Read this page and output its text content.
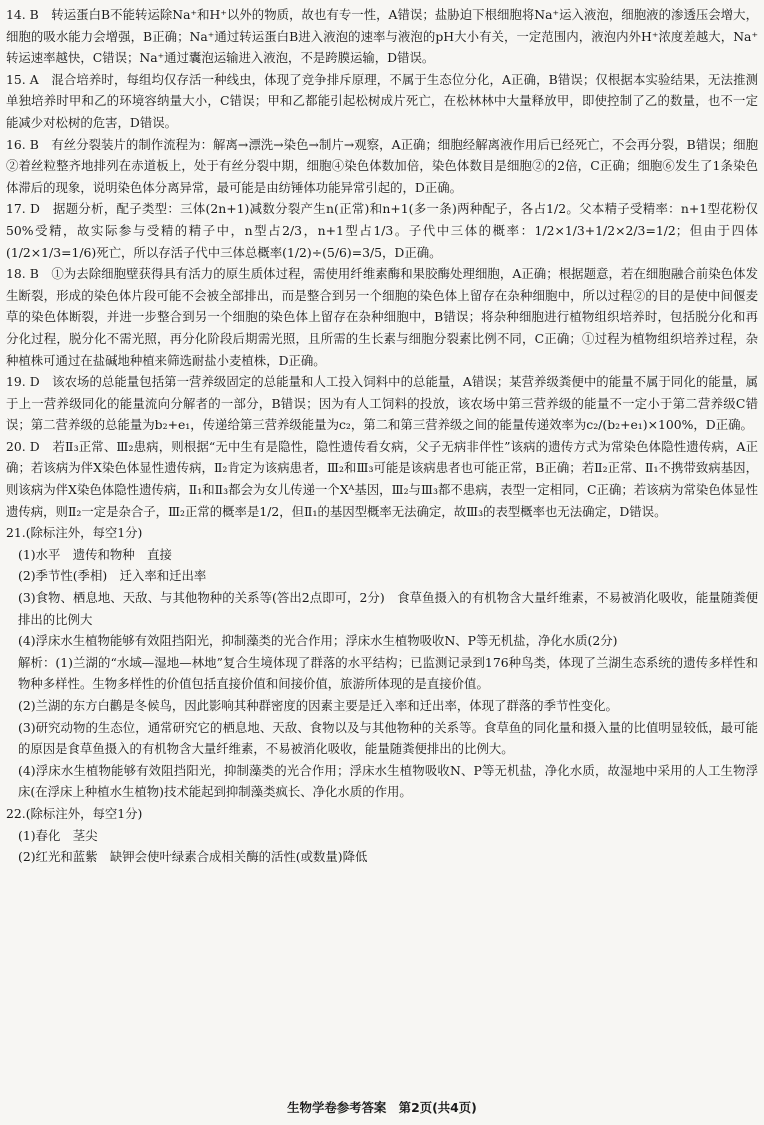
14. B　转运蛋白B不能转运除Na⁺和H⁺以外的物质，故也有专一性，A错误；盐胁迫下根细胞将Na⁺运入液泡，细胞液的渗透压会增大，细胞的吸水能力会增强，B正确；Na⁺通过转运蛋白B进入液泡的速率与液泡的pH大小有关，一定范围内，液泡内外H⁺浓度差越大，Na⁺转运速率越快，C错误；Na⁺通过囊泡运输进入液泡，不是跨膜运输，D错误。

15. A　混合培养时，每组均仅存活一种线虫，体现了竞争排斥原理，不属于生态位分化，A正确，B错误；仅根据本实验结果，无法推测单独培养时甲和乙的环境容纳量大小，C错误；甲和乙都能引起松树成片死亡，在松林林中大量释放甲，即使控制了乙的数量，也不一定能减少对松树的危害，D错误。

16. B　有丝分裂装片的制作流程为：解离→漂洗→染色→制片→观察，A正确；细胞经解离液作用后已经死亡，不会再分裂，B错误；细胞②着丝粒整齐地排列在赤道板上，处于有丝分裂中期，细胞④染色体数加倍，染色体数目是细胞②的2倍，C正确；细胞⑥发生了1条染色体滞后的现象，说明染色体分离异常，最可能是由纺锤体功能异常引起的，D正确。

17. D　据题分析，配子类型：三体(2n+1)减数分裂产生n(正常)和n+1(多一条)两种配子，各占1/2。父本精子受精率：n+1型花粉仅50%受精，故实际参与受精的精子中，n型占2/3，n+1型占1/3。子代中三体的概率：1/2×1/3+1/2×2/3=1/2；但由于四体(1/2×1/3=1/6)死亡，所以存活子代中三体总概率(1/2)÷(5/6)=3/5，D正确。

18. B　①为去除细胞壁获得具有活力的原生质体过程，需使用纤维素酶和果胶酶处理细胞，A正确；根据题意，若在细胞融合前染色体发生断裂，形成的染色体片段可能不会被全部排出，而是整合到另一个细胞的染色体上留存在杂种细胞中，所以过程②的目的是使中间偃麦草的染色体断裂，并进一步整合到另一个细胞的染色体上留存在杂种细胞中，B错误；将杂种细胞进行植物组织培养时，包括脱分化和再分化过程，脱分化不需光照，再分化阶段后期需光照，且所需的生长素与细胞分裂素比例不同，C正确；①过程为植物组织培养过程，杂种植株可通过在盐碱地种植来筛选耐盐小麦植株，D正确。

19. D　该农场的总能量包括第一营养级固定的总能量和人工投入饲料中的总能量，A错误；某营养级粪便中的能量不属于同化的能量，属于上一营养级同化的能量流向分解者的一部分，B错误；因为有人工饲料的投放，该农场中第三营养级的能量不一定小于第二营养级C错误；第二营养级的总能量为b₂+e₁，传递给第三营养级能量为c₂，第二和第三营养级之间的能量传递效率为c₂/(b₂+e₁)×100%，D正确。

20. D　若Ⅱ₃正常、Ⅲ₂患病，则根据“无中生有是隐性，隐性遗传看女病，父子无病非伴性”该病的遗传方式为常染色体隐性遗传病，A正确；若该病为伴X染色体显性遗传病，Ⅱ₂肯定为该病患者，Ⅲ₂和Ⅲ₃可能是该病患者也可能正常，B正确；若Ⅱ₂正常、Ⅱ₁不携带致病基因，则该病为伴X染色体隐性遗传病，Ⅱ₁和Ⅱ₃都会为女儿传递一个Xᴬ基因，Ⅲ₂与Ⅲ₃都不患病，表型一定相同，C正确；若该病为常染色体显性遗传病，则Ⅱ₂一定是杂合子，Ⅲ₂正常的概率是1/2，但Ⅱ₁的基因型概率无法确定，故Ⅲ₃的表型概率也无法确定，D错误。

21.(除标注外，每空1分)

(1)水平　遗传和物种　直接

(2)季节性(季相)　迁入率和迁出率

(3)食物、栖息地、天敌、与其他物种的关系等(答出2点即可，2分)　食草鱼摄入的有机物含大量纤维素，不易被消化吸收，能量随粪便排出的比例大

(4)浮床水生植物能够有效阻挡阳光，抑制藻类的光合作用；浮床水生植物吸收N、P等无机盐，净化水质(2分)

解析：(1)兰湖的“水域—湿地—林地”复合生境体现了群落的水平结构；已监测记录到176种鸟类，体现了兰湖生态系统的遗传多样性和物种多样性。生物多样性的价值包括直接价值和间接价值，旅游所体现的是直接价值。

(2)兰湖的东方白鹳是冬候鸟，因此影响其种群密度的因素主要是迁入率和迁出率，体现了群落的季节性变化。

(3)研究动物的生态位，通常研究它的栖息地、天敌、食物以及与其他物种的关系等。食草鱼的同化量和摄入量的比值明显较低，最可能的原因是食草鱼摄入的有机物含大量纤维素，不易被消化吸收，能量随粪便排出的比例大。

(4)浮床水生植物能够有效阻挡阳光，抑制藻类的光合作用；浮床水生植物吸收N、P等无机盐，净化水质，故湿地中采用的人工生物浮床(在浮床上种植水生植物)技术能起到抑制藻类疯长、净化水质的作用。

22.(除标注外，每空1分)

(1)春化　茎尖

(2)红光和蓝紫　缺钾会使叶绿素合成相关酶的活性(或数量)降低

生物学卷参考答案　第2页(共4页)
